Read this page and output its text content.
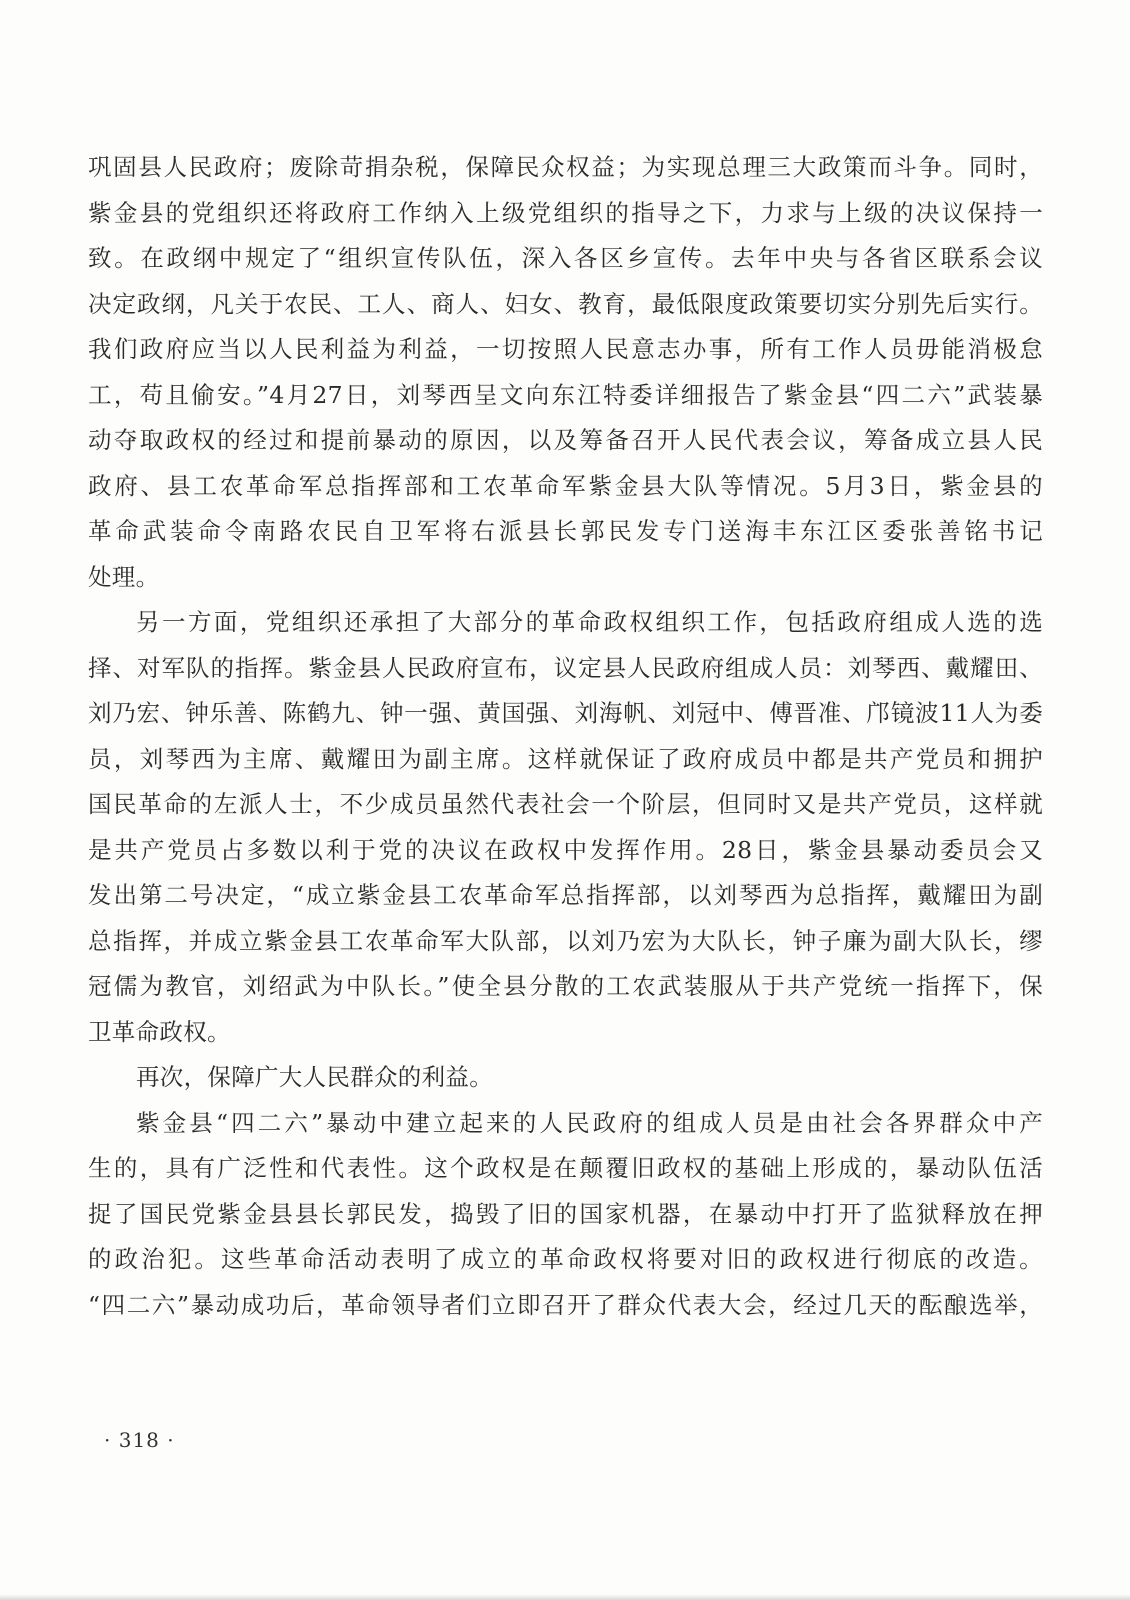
巩固县人民政府；废除苛捐杂税，保障民众权益；为实现总理三大政策而斗争。同时，
紫金县的党组织还将政府工作纳入上级党组织的指导之下，力求与上级的决议保持一
致。在政纲中规定了“组织宣传队伍，深入各区乡宣传。去年中央与各省区联系会议
决定政纲，凡关于农民、工人、商人、妇女、教育，最低限度政策要切实分别先后实行。
我们政府应当以人民利益为利益，一切按照人民意志办事，所有工作人员毋能消极怠
工，苟且偷安。”4月27日，刘琴西呈文向东江特委详细报告了紫金县“四二六”武装暴
动夺取政权的经过和提前暴动的原因，以及筹备召开人民代表会议，筹备成立县人民
政府、县工农革命军总指挥部和工农革命军紫金县大队等情况。5月3日，紫金县的
革命武装命令南路农民自卫军将右派县长郭民发专门送海丰东江区委张善铭书记
处理。
另一方面，党组织还承担了大部分的革命政权组织工作，包括政府组成人选的选
择、对军队的指挥。紫金县人民政府宣布，议定县人民政府组成人员：刘琴西、戴耀田、
刘乃宏、钟乐善、陈鹤九、钟一强、黄国强、刘海帆、刘冠中、傅晋准、邝镜波11人为委
员，刘琴西为主席、戴耀田为副主席。这样就保证了政府成员中都是共产党员和拥护
国民革命的左派人士，不少成员虽然代表社会一个阶层，但同时又是共产党员，这样就
是共产党员占多数以利于党的决议在政权中发挥作用。28日，紫金县暴动委员会又
发出第二号决定，“成立紫金县工农革命军总指挥部，以刘琴西为总指挥，戴耀田为副
总指挥，并成立紫金县工农革命军大队部，以刘乃宏为大队长，钟子廉为副大队长，缪
冠儒为教官，刘绍武为中队长。”使全县分散的工农武装服从于共产党统一指挥下，保
卫革命政权。
再次，保障广大人民群众的利益。
紫金县“四二六”暴动中建立起来的人民政府的组成人员是由社会各界群众中产
生的，具有广泛性和代表性。这个政权是在颠覆旧政权的基础上形成的，暴动队伍活
捉了国民党紫金县县长郭民发，捣毁了旧的国家机器，在暴动中打开了监狱释放在押
的政治犯。这些革命活动表明了成立的革命政权将要对旧的政权进行彻底的改造。
“四二六”暴动成功后，革命领导者们立即召开了群众代表大会，经过几天的酝酿选举，
· 318 ·
